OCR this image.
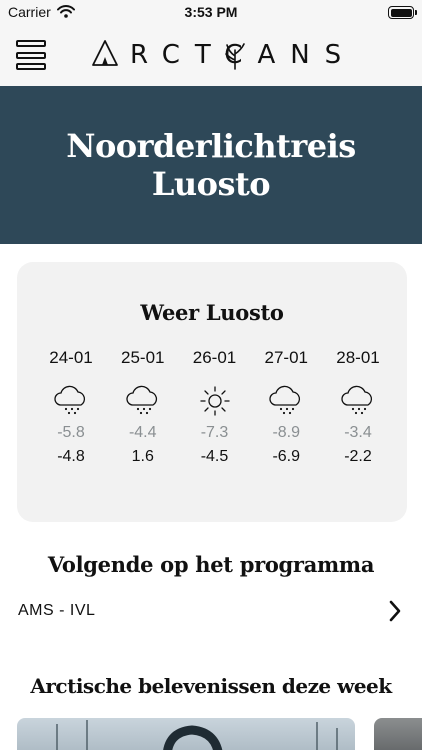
Carrier	3:53 PM
RCTCANS
Noorderlichtreis Luosto
Weer Luosto
24-01
-5.8
-4.8
25-01
-4.4
1.6
26-01
-7.3
-4.5
27-01
-8.9
-6.9
28-01
-3.4
-2.2
Volgende op het programma
AMS - IVL
Arctische belevenissen deze week
